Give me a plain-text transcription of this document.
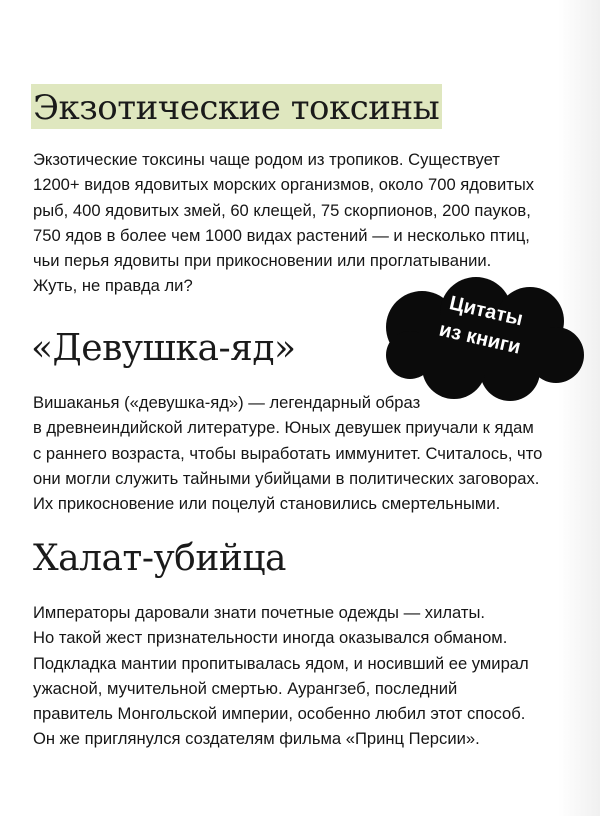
Экзотические токсины

Экзотические токсины чаще родом из тропиков. Существует
1200+ видов ядовитых морских организмов, около 700 ядовитых
рыб, 400 ядовитых змей, 60 клещей, 75 скорпионов, 200 пауков,
750 ядов в более чем 1000 видах растений — и несколько птиц,
чьи перья ядовиты при прикосновении или проглатывании.
Жуть, не правда ли?

Цитаты
из книги
«Девушка-яд»

Вишаканья («девушка-яд») — легендарный образ
в древнеиндийской литературе. Юных девушек приучали к ядам
с раннего возраста, чтобы выработать иммунитет. Считалось, что
они могли служить тайными убийцами в политических заговорах.
Их прикосновение или поцелуй становились смертельными.

Халат-убийца

Императоры даровали знати почетные одежды — хилаты.
Но такой жест признательности иногда оказывался обманом.
Подкладка мантии пропитывалась ядом, и носивший ее умирал
ужасной, мучительной смертью. Аурангзеб, последний
правитель Монгольской империи, особенно любил этот способ.
Он же приглянулся создателям фильма «Принц Персии».
